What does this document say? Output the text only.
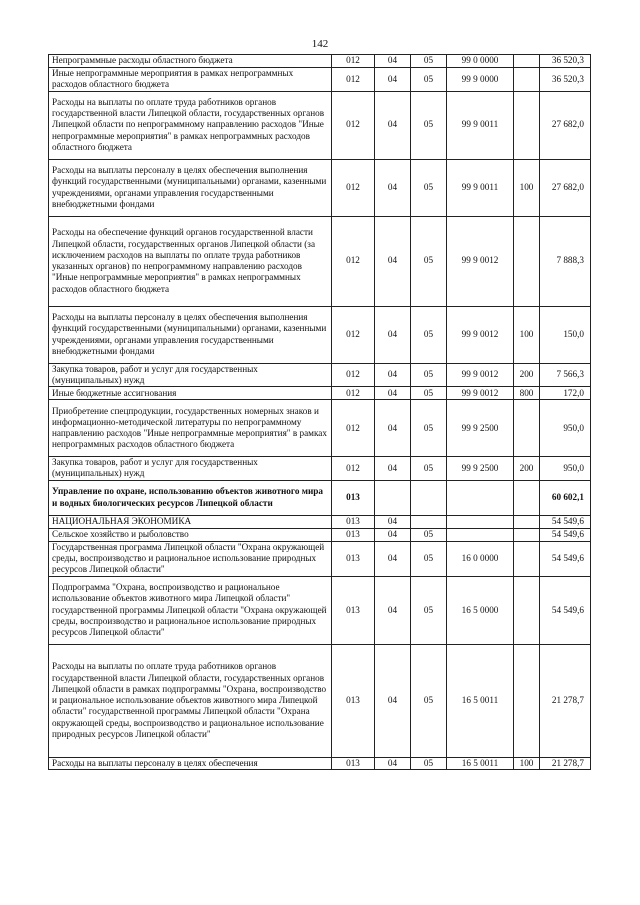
142
Непрограммные расходы областного бюджета	012	04	05	99 0 0000		36 520,3
Иные непрограммные мероприятия в рамках непрограммных расходов областного бюджета	012	04	05	99 9 0000		36 520,3
Расходы на выплаты по оплате труда работников органов государственной власти Липецкой области, государственных органов Липецкой области по непрограммному направлению расходов "Иные непрограммные мероприятия" в рамках непрограммных расходов областного бюджета	012	04	05	99 9 0011		27 682,0
Расходы на выплаты персоналу в целях обеспечения выполнения функций государственными (муниципальными) органами, казенными учреждениями, органами управления государственными внебюджетными фондами	012	04	05	99 9 0011	100	27 682,0
Расходы на обеспечение функций органов государственной власти Липецкой области, государственных органов Липецкой области (за исключением расходов на выплаты по оплате труда работников указанных органов) по непрограммному направлению расходов "Иные непрограммные мероприятия" в рамках непрограммных расходов областного бюджета	012	04	05	99 9 0012		7 888,3
Расходы на выплаты персоналу в целях обеспечения выполнения функций государственными (муниципальными) органами, казенными учреждениями, органами управления государственными внебюджетными фондами	012	04	05	99 9 0012	100	150,0
Закупка товаров, работ и услуг для государственных (муниципальных) нужд	012	04	05	99 9 0012	200	7 566,3
Иные бюджетные ассигнования	012	04	05	99 9 0012	800	172,0
Приобретение спецпродукции, государственных номерных знаков и информационно-методической литературы по непрограммному направлению расходов "Иные непрограммные мероприятия" в рамках непрограммных расходов областного бюджета	012	04	05	99 9 2500		950,0
Закупка товаров, работ и услуг для государственных (муниципальных) нужд	012	04	05	99 9 2500	200	950,0
Управление по охране, использованию объектов животного мира и водных биологических ресурсов Липецкой области	013					60 602,1
НАЦИОНАЛЬНАЯ ЭКОНОМИКА	013	04				54 549,6
Сельское хозяйство и рыболовство	013	04	05			54 549,6
Государственная программа Липецкой области "Охрана окружающей среды, воспроизводство и рациональное использование природных ресурсов Липецкой области"	013	04	05	16 0 0000		54 549,6
Подпрограмма "Охрана, воспроизводство и рациональное использование объектов животного мира Липецкой области" государственной программы Липецкой области "Охрана окружающей среды, воспроизводство и рациональное использование природных ресурсов Липецкой области"	013	04	05	16 5 0000		54 549,6
Расходы на выплаты по оплате труда работников органов государственной власти Липецкой области, государственных органов Липецкой области в рамках подпрограммы "Охрана, воспроизводство и рациональное использование объектов животного мира Липецкой области" государственной программы Липецкой области "Охрана окружающей среды, воспроизводство и рациональное использование природных ресурсов Липецкой области"	013	04	05	16 5 0011		21 278,7
Расходы на выплаты персоналу в целях обеспечения	013	04	05	16 5 0011	100	21 278,7
